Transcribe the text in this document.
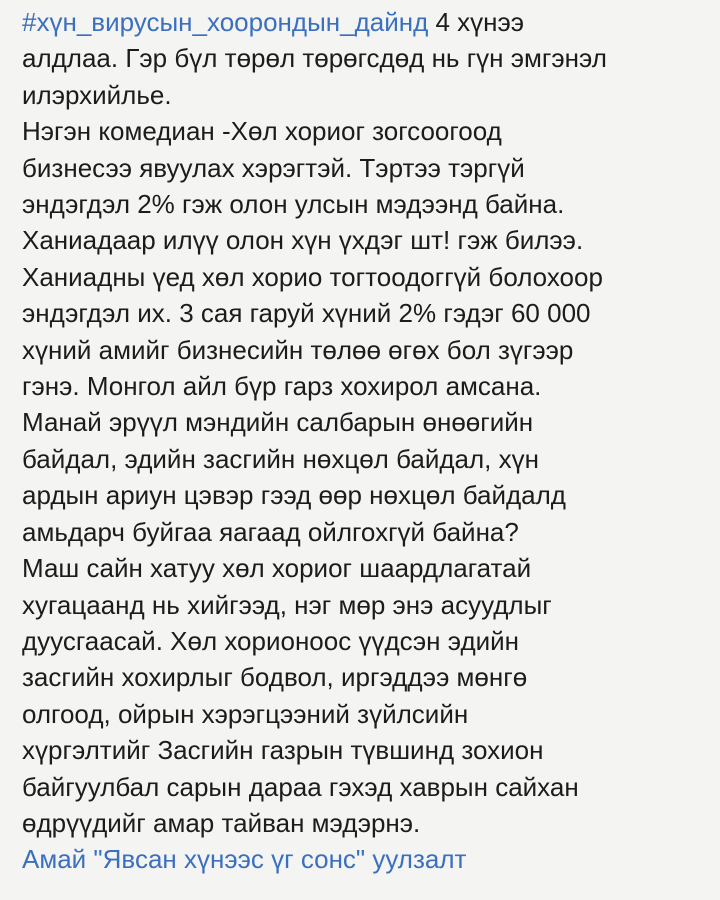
#хүн_вирусын_хоорондын_дайнд 4 хүнээ
алдлаа. Гэр бүл төрөл төрөгсдөд нь гүн эмгэнэл
илэрхийлье.
Нэгэн комедиан -Хөл хориог зогсоогоод
бизнесээ явуулах хэрэгтэй. Тэртээ тэргүй
эндэгдэл 2% гэж олон улсын мэдээнд байна.
Ханиадаар илүү олон хүн үхдэг шт! гэж билээ.
Ханиадны үед хөл хорио тогтоодоггүй болохоор
эндэгдэл их. 3 сая гаруй хүний 2% гэдэг 60 000
хүний амийг бизнесийн төлөө өгөх бол зүгээр
гэнэ. Монгол айл бүр гарз хохирол амсана.
Манай эрүүл мэндийн салбарын өнөөгийн
байдал, эдийн засгийн нөхцөл байдал, хүн
ардын ариун цэвэр гээд өөр нөхцөл байдалд
амьдарч буйгаа яагаад ойлгохгүй байна?
Маш сайн хатуу хөл хориог шаардлагатай
хугацаанд нь хийгээд, нэг мөр энэ асуудлыг
дуусгаасай. Хөл хорионоос үүдсэн эдийн
засгийн хохирлыг бодвол, иргэддээ мөнгө
олгоод, ойрын хэрэгцээний зүйлсийн
хүргэлтийг Засгийн газрын түвшинд зохион
байгуулбал сарын дараа гэхэд хаврын сайхан
өдрүүдийг амар тайван мэдэрнэ.
Амай "Явсан хүнээс үг сонс" уулзалт
